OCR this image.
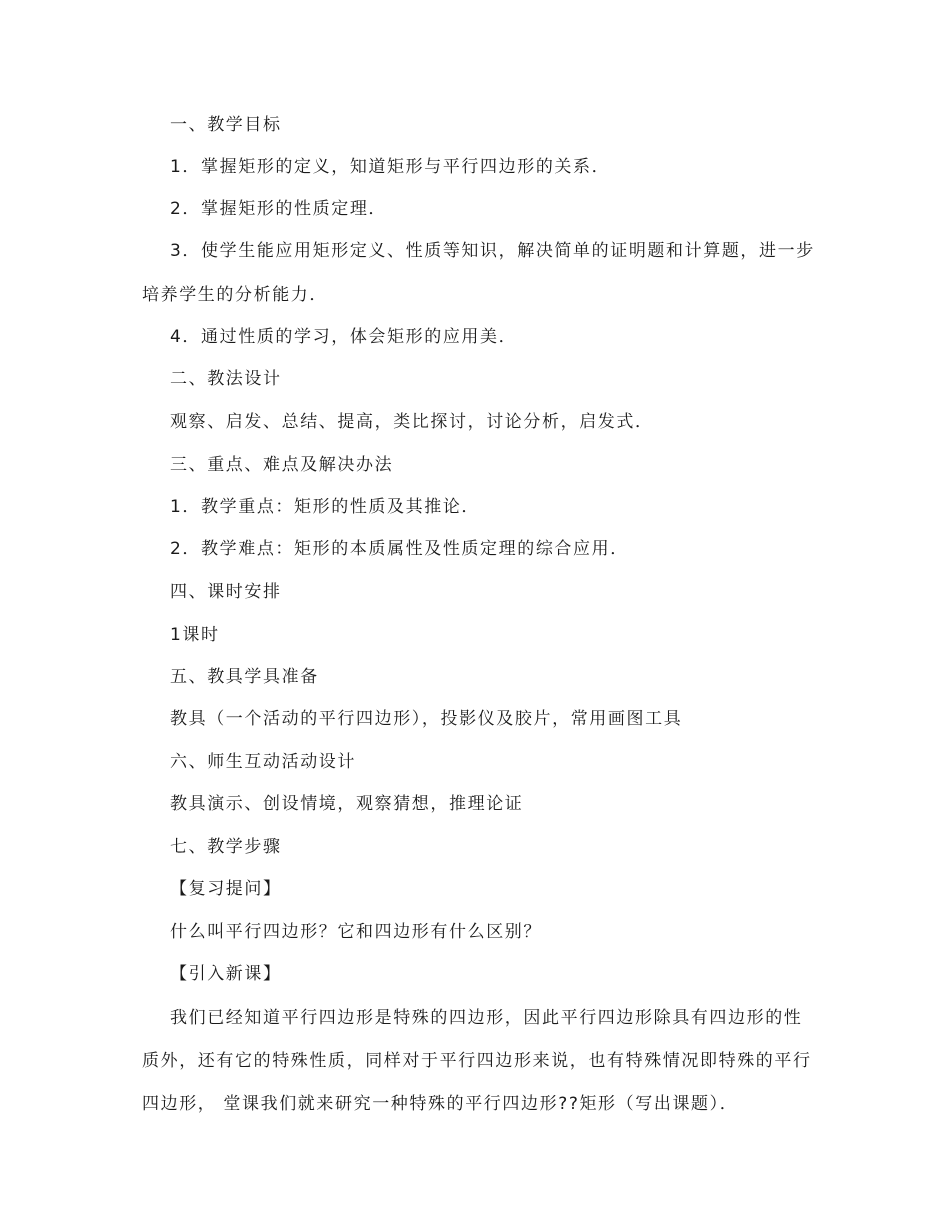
一、教学目标
1．掌握矩形的定义，知道矩形与平行四边形的关系．
2．掌握矩形的性质定理．
3．使学生能应用矩形定义、性质等知识，解决简单的证明题和计算题，进一步
培养学生的分析能力．
4．通过性质的学习，体会矩形的应用美．
二、教法设计
观察、启发、总结、提高，类比探讨，讨论分析，启发式．
三、重点、难点及解决办法
1．教学重点：矩形的性质及其推论．
2．教学难点：矩形的本质属性及性质定理的综合应用．
四、课时安排
1课时
五、教具学具准备
教具（一个活动的平行四边形），投影仪及胶片，常用画图工具
六、师生互动活动设计
教具演示、创设情境，观察猜想，推理论证
七、教学步骤
【复习提问】
什么叫平行四边形？它和四边形有什么区别？
【引入新课】
我们已经知道平行四边形是特殊的四边形，因此平行四边形除具有四边形的性
质外，还有它的特殊性质，同样对于平行四边形来说，也有特殊情况即特殊的平行
四边形， 堂课我们就来研究一种特殊的平行四边形??矩形（写出课题）．
